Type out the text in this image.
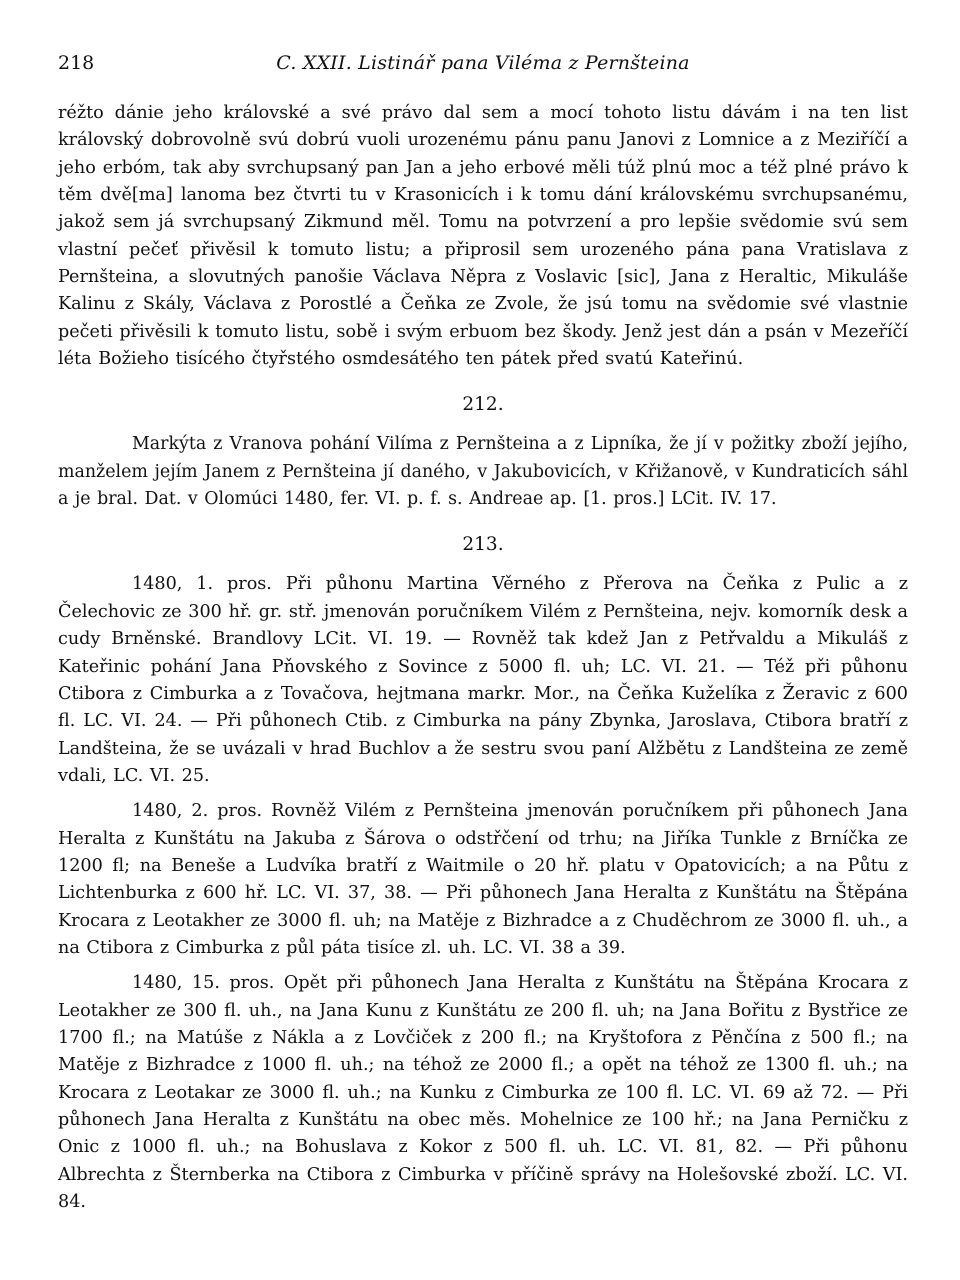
218	C. XXII. Listinář pana Viléma z Pernšteina

réžto dánie jeho královské a své právo dal sem a mocí tohoto listu dávám i na ten list královský dobrovolně svú dobrú vuoli urozenému pánu panu Janovi z Lomnice a z Meziříčí a jeho erbóm, tak aby svrchupsaný pan Jan a jeho erbové měli túž plnú moc a též plné právo k těm dvě[ma] lanoma bez čtvrti tu v Krasonicích i k tomu dání královskému svrchupsanému, jakož sem já svrchupsaný Zikmund měl. Tomu na potvrzení a pro lepšie svědomie svú sem vlastní pečeť přivěsil k tomuto listu; a připrosil sem urozeného pána pana Vratislava z Pernšteina, a slovutných panošie Václava Něpra z Voslavic [sic], Jana z Heraltic, Mikuláše Kalinu z Skály, Václava z Porostlé a Čeňka ze Zvole, že jsú tomu na svědomie své vlastnie pečeti přivěsili k tomuto listu, sobě i svým erbuom bez škody. Jenž jest dán a psán v Mezeříčí léta Božieho tisícého čtyřstého osmdesátého ten pátek před svatú Kateřinú.

212.

Markýta z Vranova pohání Vilíma z Pernšteina a z Lipníka, že jí v požitky zboží jejího, manželem jejím Janem z Pernšteina jí daného, v Jakubovicích, v Křižanově, v Kundraticích sáhl a je bral. Dat. v Olomúci 1480, fer. VI. p. f. s. Andreae ap. [1. pros.] LCit. IV. 17.

213.

1480, 1. pros. Při půhonu Martina Věrného z Přerova na Čeňka z Pulic a z Čelechovic ze 300 hř. gr. stř. jmenován poručníkem Vilém z Pernšteina, nejv. komorník desk a cudy Brněnské. Brandlovy LCit. VI. 19. — Rovněž tak kdež Jan z Petřvaldu a Mikuláš z Kateřinic pohání Jana Pňovského z Sovince z 5000 fl. uh; LC. VI. 21. — Též při půhonu Ctibora z Cimburka a z Tovačova, hejtmana markr. Mor., na Čeňka Kuželíka z Žeravic z 600 fl. LC. VI. 24. — Při půhonech Ctib. z Cimburka na pány Zbynka, Jaroslava, Ctibora bratří z Landšteina, že se uvázali v hrad Buchlov a že sestru svou paní Alžbětu z Landšteina ze země vdali, LC. VI. 25.

1480, 2. pros. Rovněž Vilém z Pernšteina jmenován poručníkem při půhonech Jana Heralta z Kunštátu na Jakuba z Šárova o odstřčení od trhu; na Jiříka Tunkle z Brníčka ze 1200 fl; na Beneše a Ludvíka bratří z Waitmile o 20 hř. platu v Opatovicích; a na Půtu z Lichtenburka z 600 hř. LC. VI. 37, 38. — Při půhonech Jana Heralta z Kunštátu na Štěpána Krocara z Leotakher ze 3000 fl. uh; na Matěje z Bizhradce a z Chuděchrom ze 3000 fl. uh., a na Ctibora z Cimburka z půl páta tisíce zl. uh. LC. VI. 38 a 39.

1480, 15. pros. Opět při půhonech Jana Heralta z Kunštátu na Štěpána Krocara z Leotakher ze 300 fl. uh., na Jana Kunu z Kunštátu ze 200 fl. uh; na Jana Bořitu z Bystřice ze 1700 fl.; na Matúše z Nákla a z Lovčiček z 200 fl.; na Kryštofora z Pěnčína z 500 fl.; na Matěje z Bizhradce z 1000 fl. uh.; na téhož ze 2000 fl.; a opět na téhož ze 1300 fl. uh.; na Krocara z Leotakar ze 3000 fl. uh.; na Kunku z Cimburka ze 100 fl. LC. VI. 69 až 72. — Při půhonech Jana Heralta z Kunštátu na obec měs. Mohelnice ze 100 hř.; na Jana Perničku z Onic z 1000 fl. uh.; na Bohuslava z Kokor z 500 fl. uh. LC. VI. 81, 82. — Při půhonu Albrechta z Šternberka na Ctibora z Cimburka v příčině správy na Holešovské zboží. LC. VI. 84.
